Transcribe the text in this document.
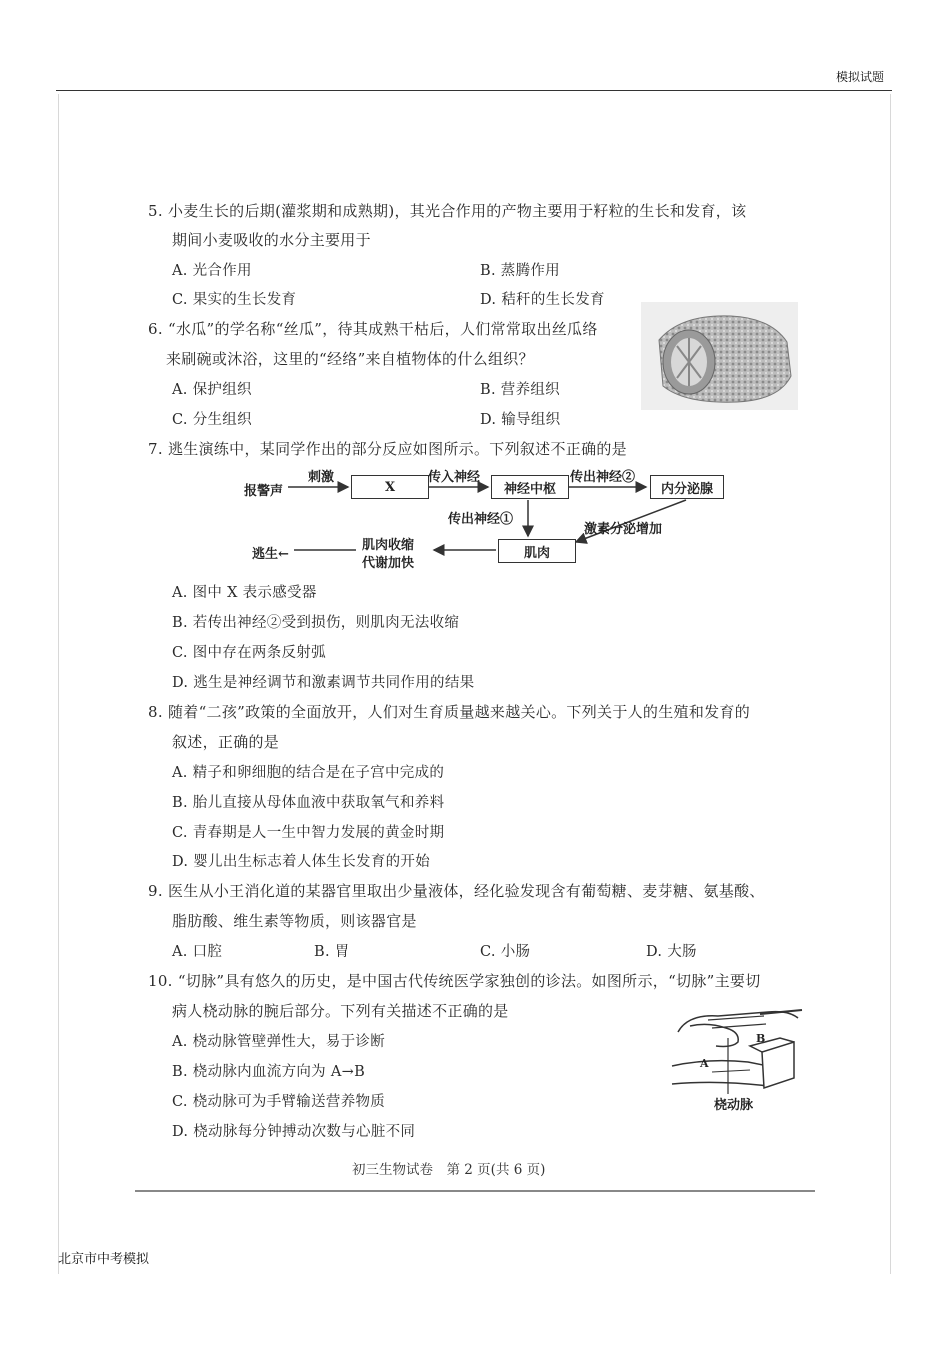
模拟试题
5. 小麦生长的后期(灌浆期和成熟期)，其光合作用的产物主要用于籽粒的生长和发育，该
期间小麦吸收的水分主要用于
A. 光合作用	B. 蒸腾作用
C. 果实的生长发育	D. 秸秆的生长发育
6. “水瓜”的学名称“丝瓜”，待其成熟干枯后，人们常常取出丝瓜络
来刷碗或沐浴，这里的“经络”来自植物体的什么组织？
A. 保护组织	B. 营养组织
C. 分生组织	D. 输导组织
7. 逃生演练中，某同学作出的部分反应如图所示。下列叙述不正确的是
报警声
刺激
X
传入神经
神经中枢
传出神经②
内分泌腺
传出神经①
激素分泌增加
肌肉
肌肉收缩
代谢加快
逃生←
A. 图中 X 表示感受器
B. 若传出神经②受到损伤，则肌肉无法收缩
C. 图中存在两条反射弧
D. 逃生是神经调节和激素调节共同作用的结果
8. 随着“二孩”政策的全面放开，人们对生育质量越来越关心。下列关于人的生殖和发育的
叙述，正确的是
A. 精子和卵细胞的结合是在子宫中完成的
B. 胎儿直接从母体血液中获取氧气和养料
C. 青春期是人一生中智力发展的黄金时期
D. 婴儿出生标志着人体生长发育的开始
9. 医生从小王消化道的某器官里取出少量液体，经化验发现含有葡萄糖、麦芽糖、氨基酸、
脂肪酸、维生素等物质，则该器官是
A. 口腔	B. 胃	C. 小肠	D. 大肠
10. “切脉”具有悠久的历史，是中国古代传统医学家独创的诊法。如图所示，“切脉”主要切
病人桡动脉的腕后部分。下列有关描述不正确的是
A. 桡动脉管壁弹性大，易于诊断
B. 桡动脉内血流方向为 A→B
C. 桡动脉可为手臂输送营养物质
D. 桡动脉每分钟搏动次数与心脏不同
A
B
桡动脉
初三生物试卷　第 2 页(共 6 页)
北京市中考模拟
